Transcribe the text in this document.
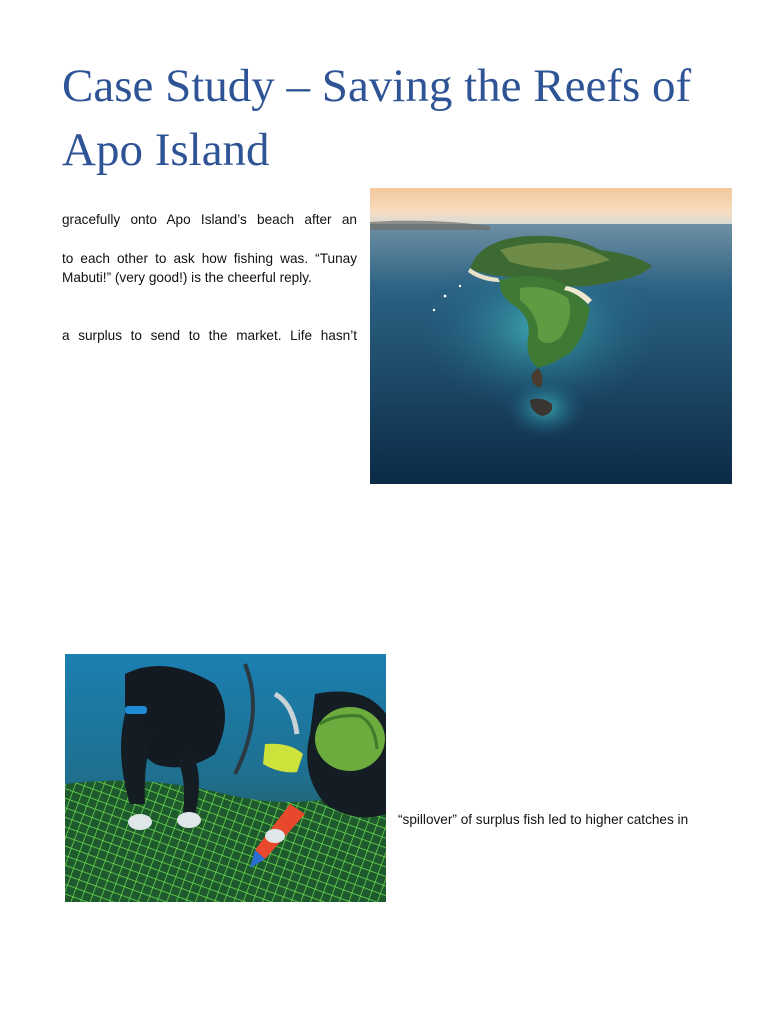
Case Study – Saving the Reefs of Apo Island

gracefully onto Apo Island’s beach after an

to each other to ask how fishing was. “Tunay Mabuti!” (very good!) is the cheerful reply.

a surplus to send to the market. Life hasn’t

“spillover” of surplus fish led to higher catches in
